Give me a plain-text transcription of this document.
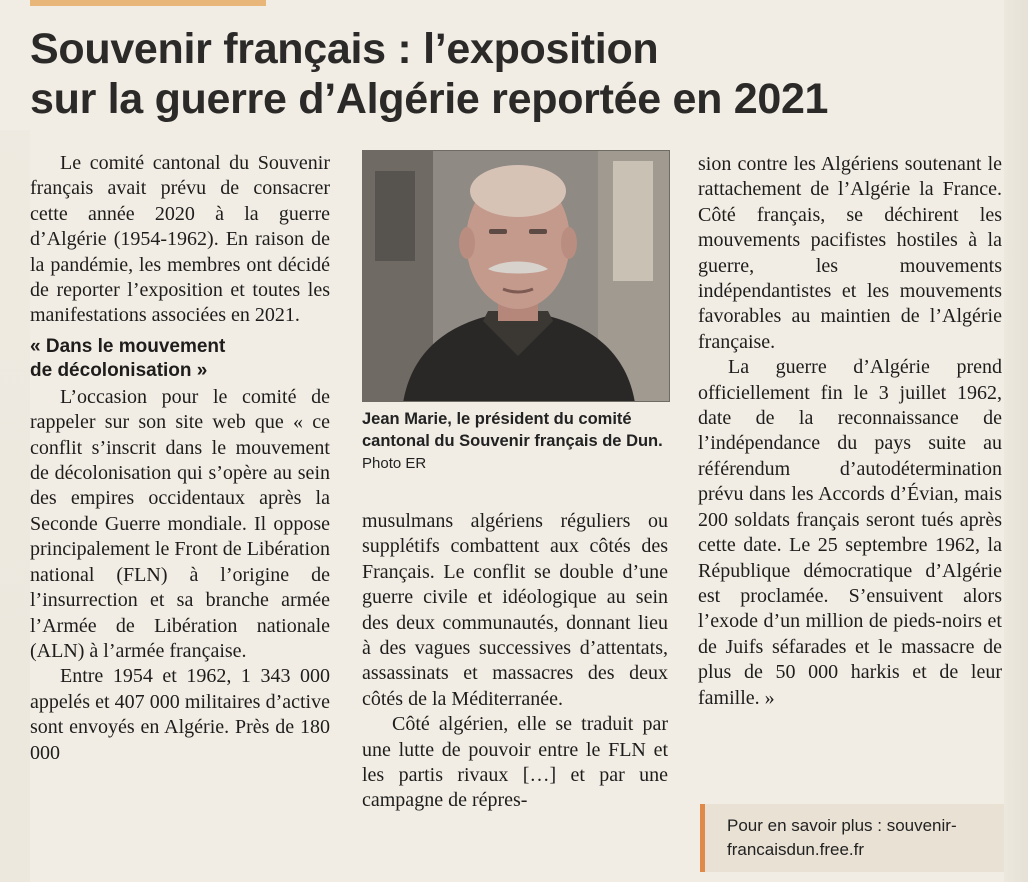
Souvenir français : l’exposition
sur la guerre d’Algérie reportée en 2021

Le comité cantonal du Souvenir français avait prévu de consacrer cette année 2020 à la guerre d’Algérie (1954-1962). En raison de la pandémie, les membres ont décidé de reporter l’exposition et toutes les manifestations associées en 2021.

« Dans le mouvement
de décolonisation »

L’occasion pour le comité de rappeler sur son site web que « ce conflit s’inscrit dans le mouvement de décolonisation qui s’opère au sein des empires occidentaux après la Seconde Guerre mondiale. Il oppose principalement le Front de Libération national (FLN) à l’origine de l’insurrection et sa branche armée l’Armée de Libération nationale (ALN) à l’armée française.

Entre 1954 et 1962, 1 343 000 appelés et 407 000 militaires d’active sont envoyés en Algérie. Près de 180 000

Jean Marie, le président du comité cantonal du Souvenir français de Dun. Photo ER

musulmans algériens réguliers ou supplétifs combattent aux côtés des Français. Le conflit se double d’une guerre civile et idéologique au sein des deux communautés, donnant lieu à des vagues successives d’attentats, assassinats et massacres des deux côtés de la Méditerranée.

Côté algérien, elle se traduit par une lutte de pouvoir entre le FLN et les partis rivaux […] et par une campagne de répres-

sion contre les Algériens soutenant le rattachement de l’Algérie la France. Côté français, se déchirent les mouvements pacifistes hostiles à la guerre, les mouvements indépendantistes et les mouvements favorables au maintien de l’Algérie française.

La guerre d’Algérie prend officiellement fin le 3 juillet 1962, date de la reconnaissance de l’indépendance du pays suite au référendum d’autodétermination prévu dans les Accords d’Évian, mais 200 soldats français seront tués après cette date. Le 25 septembre 1962, la République démocratique d’Algérie est proclamée. S’ensuivent alors l’exode d’un million de pieds-noirs et de Juifs séfarades et le massacre de plus de 50 000 harkis et de leur famille. »

Pour en savoir plus : souvenir-
francaisdun.free.fr
